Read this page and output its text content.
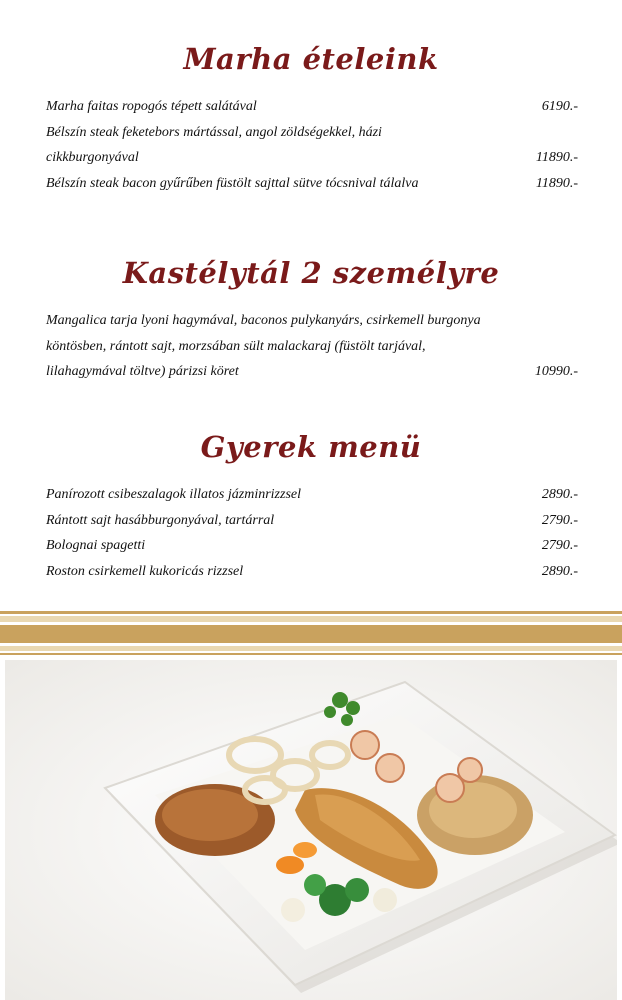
Marha ételeink
Marha faitas ropogós tépett salátával	6190.-
Bélszín steak feketebors mártással, angol zöldségekkel, házi cikkburgonyával	11890.-
Bélszín steak bacon gyűrűben füstölt sajttal sütve tócsnival tálalva	11890.-
Kastélytál 2 személyre
Mangalica tarja lyoni hagymával, baconos pulykanyárs, csirkemell burgonya köntösben, rántott sajt, morzsában sült malackaraj (füstölt tarjával, lilahagymával töltve) párizsi köret	10990.-
Gyerek menü
Panírozott csibeszalagok illatos jázminrizzsel	2890.-
Rántott sajt hasábburgonyával, tartárral	2790.-
Bolognai spagetti	2790.-
Roston csirkemell kukoricás rizzsel	2890.-
